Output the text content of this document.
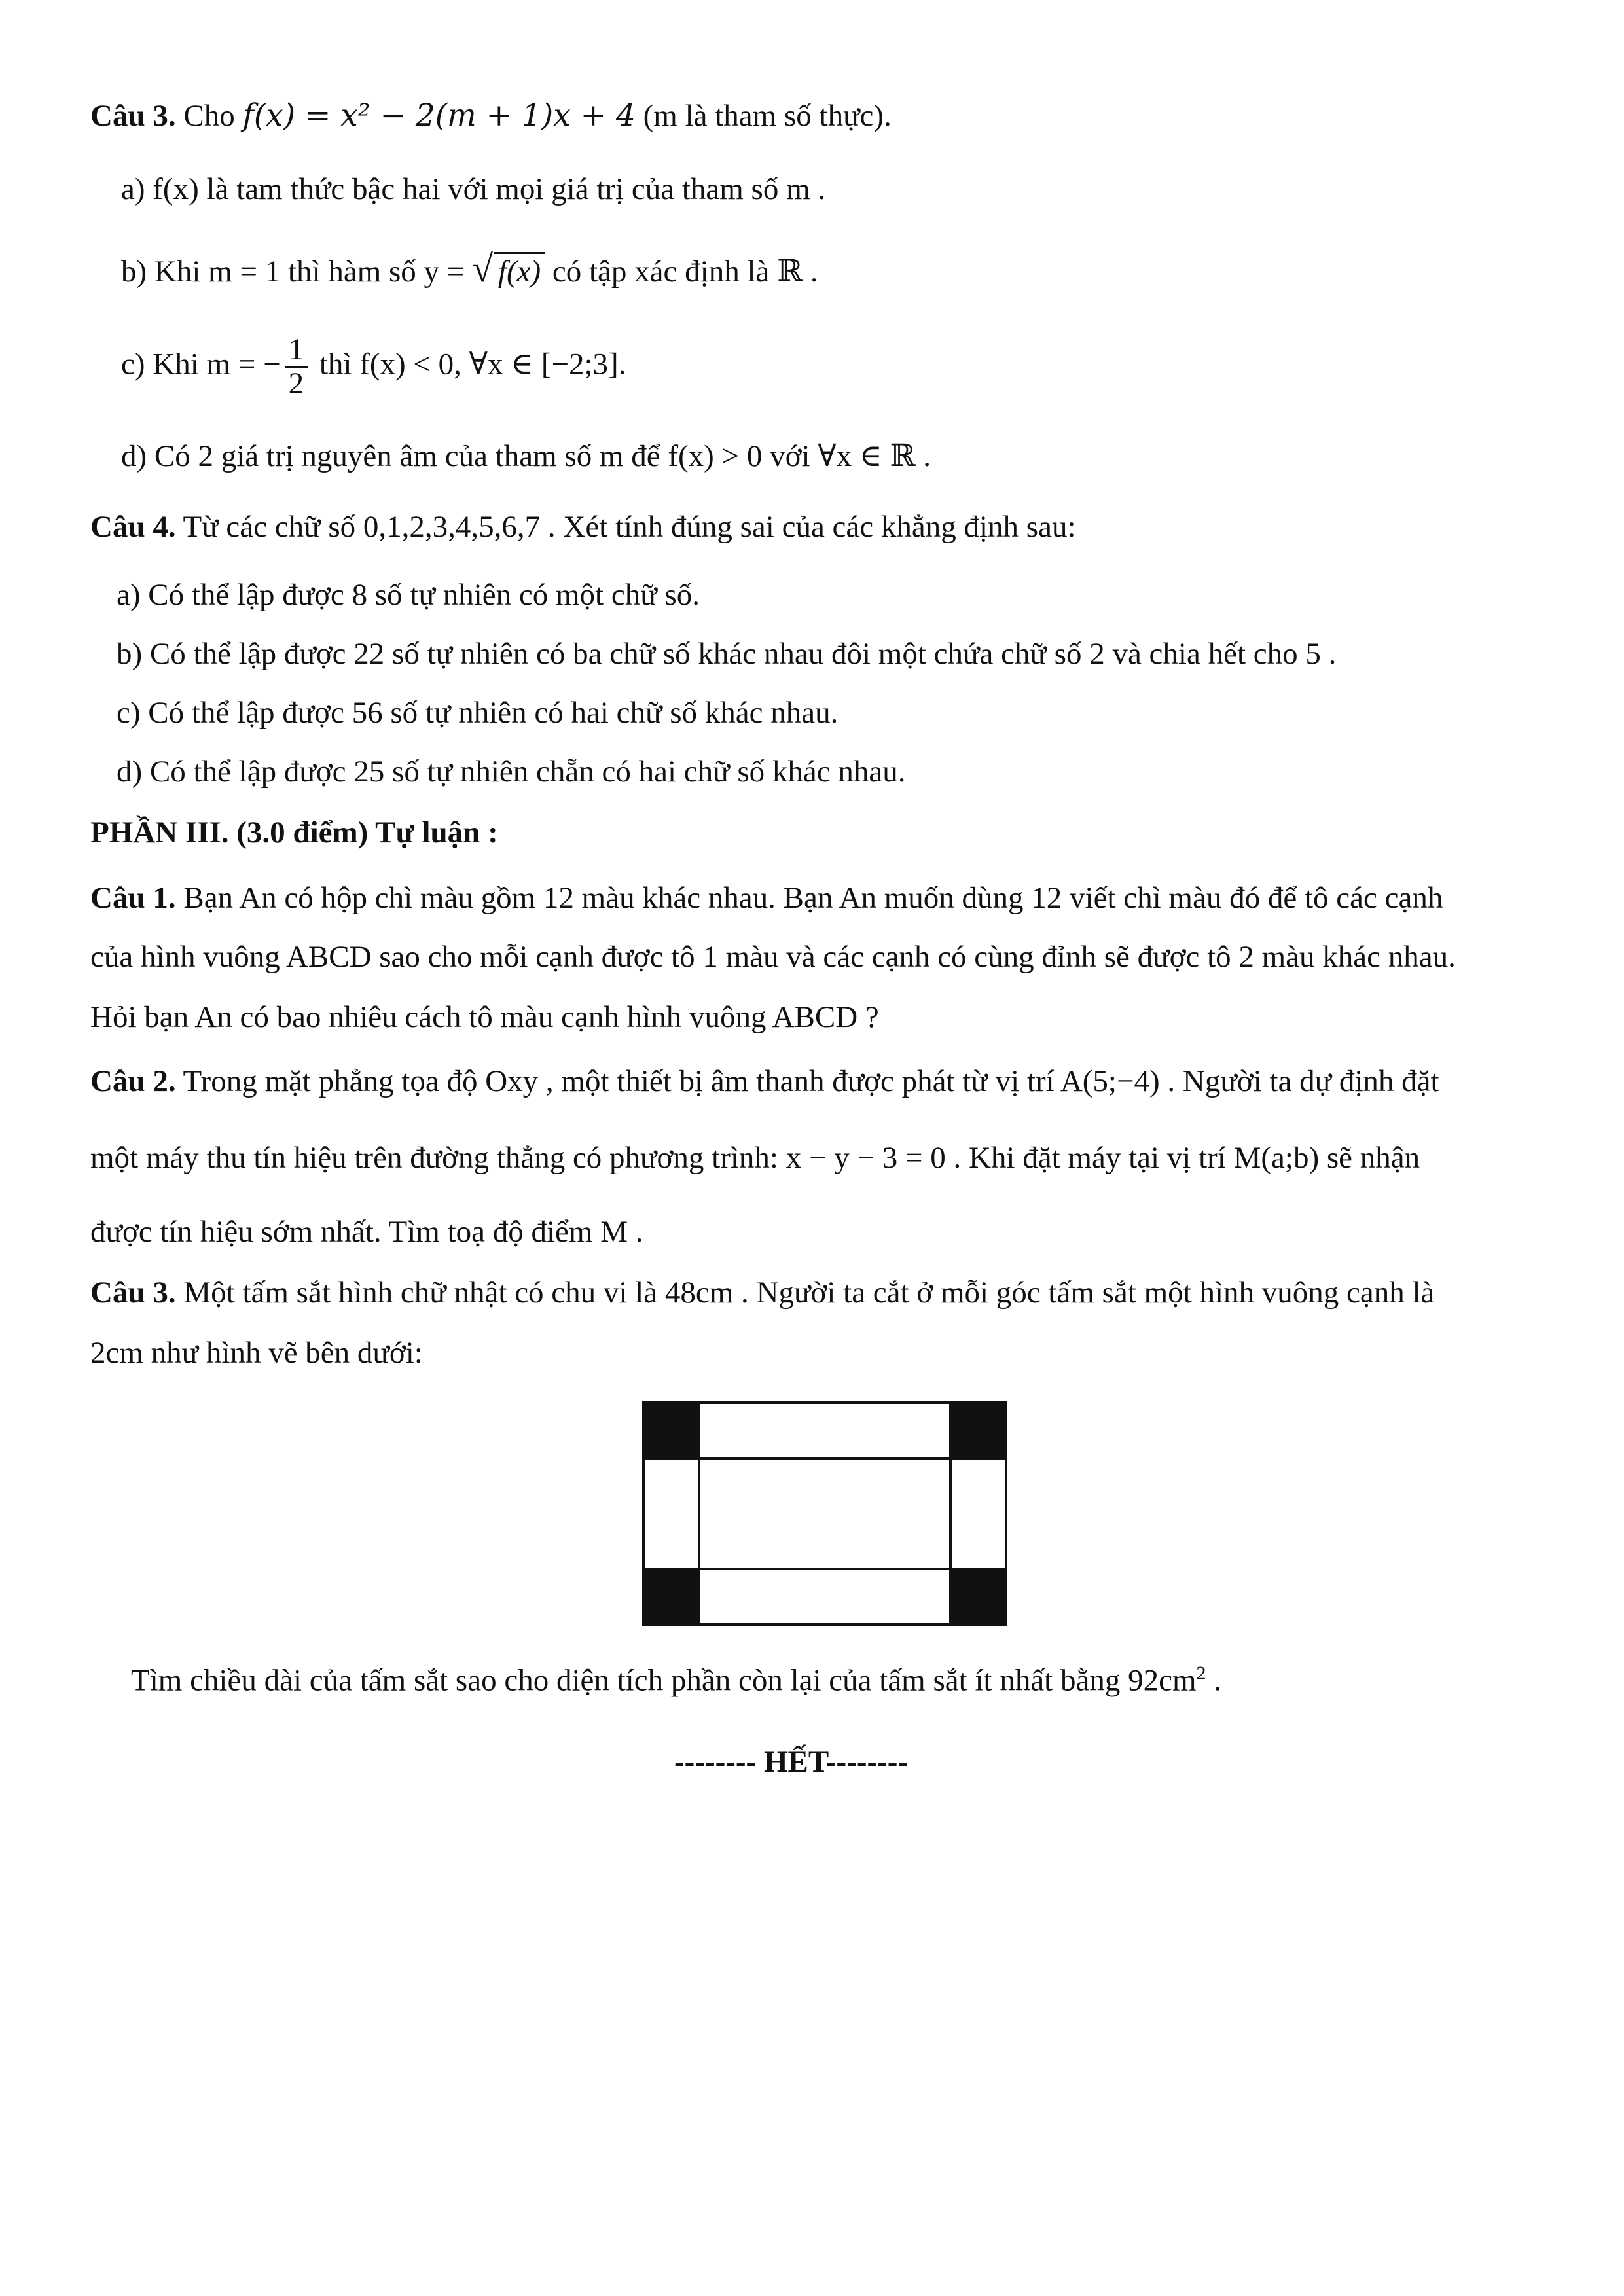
Câu 3. Cho f(x) = x² − 2(m + 1)x + 4 (m là tham số thực).
a) f(x) là tam thức bậc hai với mọi giá trị của tham số m .
b) Khi m = 1 thì hàm số y = √ f(x) có tập xác định là ℝ .
c) Khi m = − $\frac{1}{2}$ thì f(x) < 0, ∀x ∈ [−2;3].
d) Có 2 giá trị nguyên âm của tham số m để f(x) > 0 với ∀x ∈ ℝ .
Câu 4. Từ các chữ số 0,1,2,3,4,5,6,7 . Xét tính đúng sai của các khẳng định sau:
a) Có thể lập được 8 số tự nhiên có một chữ số.
b) Có thể lập được 22 số tự nhiên có ba chữ số khác nhau đôi một chứa chữ số 2 và chia hết cho 5 .
c) Có thể lập được 56 số tự nhiên có hai chữ số khác nhau.
d) Có thể lập được 25 số tự nhiên chẵn có hai chữ số khác nhau.
PHẦN III. (3.0 điểm) Tự luận :
Câu 1. Bạn An có hộp chì màu gồm 12 màu khác nhau. Bạn An muốn dùng 12 viết chì màu đó để tô các cạnh
của hình vuông ABCD sao cho mỗi cạnh được tô 1 màu và các cạnh có cùng đỉnh sẽ được tô 2 màu khác nhau.
Hỏi bạn An có bao nhiêu cách tô màu cạnh hình vuông ABCD ?
Câu 2. Trong mặt phẳng tọa độ Oxy , một thiết bị âm thanh được phát từ vị trí A(5;−4) . Người ta dự định đặt
một máy thu tín hiệu trên đường thẳng có phương trình: x − y − 3 = 0 . Khi đặt máy tại vị trí M(a;b) sẽ nhận
được tín hiệu sớm nhất. Tìm toạ độ điểm M .
Câu 3. Một tấm sắt hình chữ nhật có chu vi là 48cm . Người ta cắt ở mỗi góc tấm sắt một hình vuông cạnh là
2cm như hình vẽ bên dưới:
Tìm chiều dài của tấm sắt sao cho diện tích phần còn lại của tấm sắt ít nhất bằng $92cm^2$ .
-------- HẾT--------
